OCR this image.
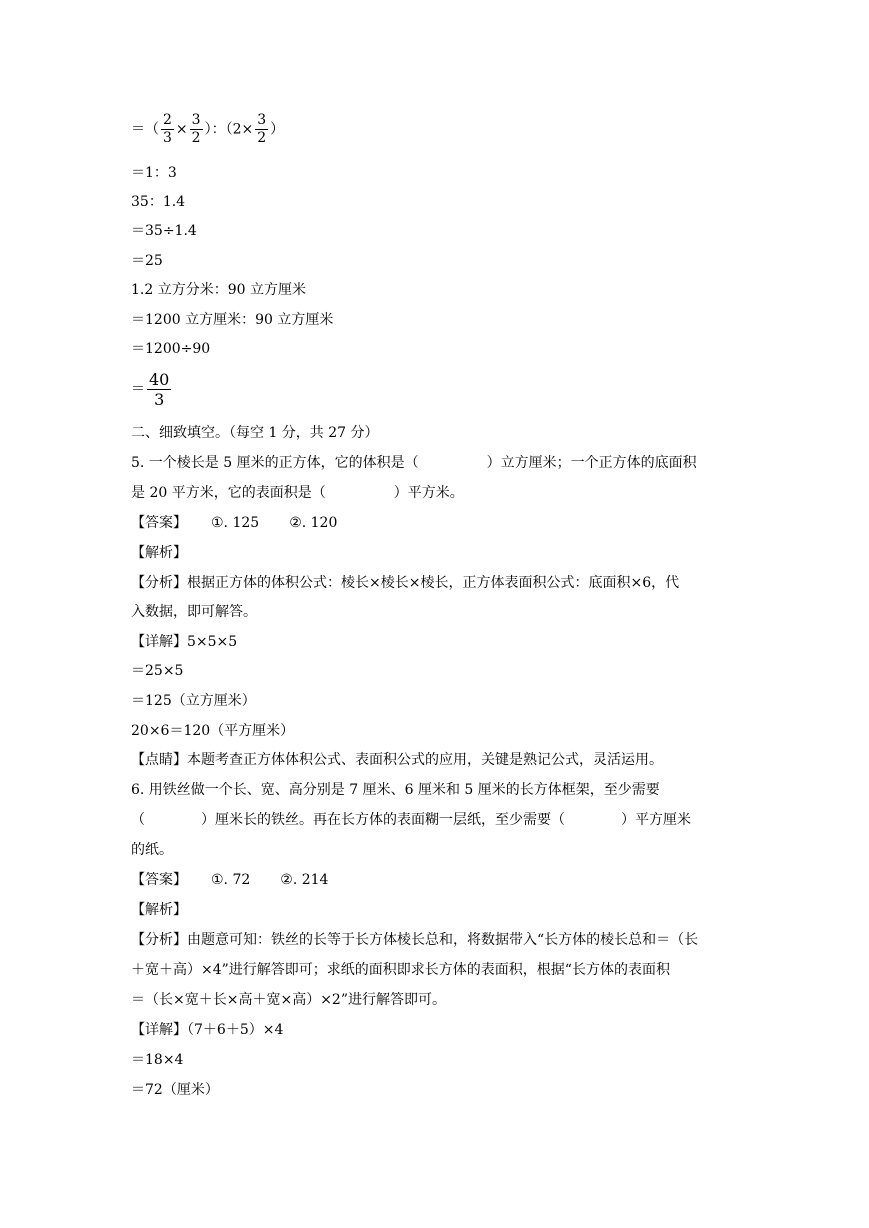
＝（ $\frac{2}{3} \times \frac{3}{2}$ ）：（$2\times \frac{3}{2}$ ）
＝1：3
35：1.4
＝35÷1.4
＝25
1.2 立方分米：90 立方厘米
＝1200 立方厘米：90 立方厘米
＝1200÷90
＝ $\frac{40}{3}$
二、细致填空。（每空 1 分，共 27 分）
5. 一个棱长是 5 厘米的正方体，它的体积是（	）立方厘米；一个正方体的底面积
是 20 平方米，它的表面积是（	）平方米。
【答案】 ①. 125 ②. 120
【解析】
【分析】根据正方体的体积公式：棱长×棱长×棱长，正方体表面积公式：底面积×6，代
入数据，即可解答。
【详解】5×5×5
＝25×5
＝125（立方厘米）
20×6＝120（平方厘米）
【点睛】本题考查正方体体积公式、表面积公式的应用，关键是熟记公式，灵活运用。
6. 用铁丝做一个长、宽、高分别是 7 厘米、6 厘米和 5 厘米的长方体框架，至少需要
（	）厘米长的铁丝。再在长方体的表面糊一层纸，至少需要（	）平方厘米
的纸。
【答案】 ①. 72 ②. 214
【解析】
【分析】由题意可知：铁丝的长等于长方体棱长总和，将数据带入“长方体的棱长总和＝（长
＋宽＋高）×4”进行解答即可；求纸的面积即求长方体的表面积，根据“长方体的表面积
＝（长×宽＋长×高＋宽×高）×2”进行解答即可。
【详解】（7＋6＋5）×4
＝18×4
＝72（厘米）
